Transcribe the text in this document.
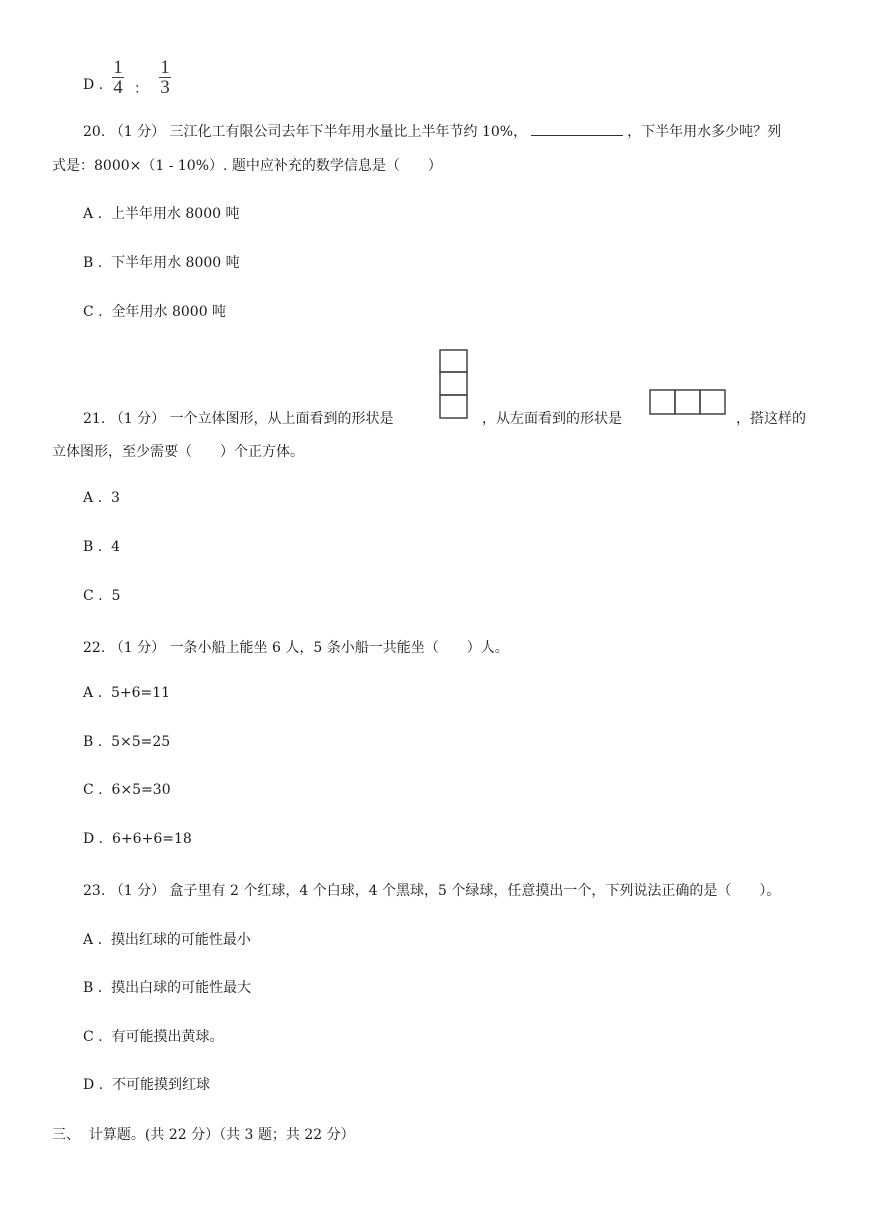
D .
1
4 ：
1
3
20. （1 分） 三江化工有限公司去年下半年用水量比上半年节约 10%，	，下半年用水多少吨？列
式是：8000×（1 - 10%）. 题中应补充的数学信息是（　　）
A .  上半年用水 8000 吨
B .  下半年用水 8000 吨
C .  全年用水 8000 吨
21. （1 分） 一个立体图形，从上面看到的形状是	，从左面看到的形状是	，搭这样的
立体图形，至少需要（　　）个正方体。
A .  3
B .  4
C .  5
22. （1 分） 一条小船上能坐 6 人，5 条小船一共能坐（　　）人。
A .  5+6=11
B .  5×5=25
C .  6×5=30
D .  6+6+6=18
23. （1 分） 盒子里有 2 个红球，4 个白球，4 个黑球，5 个绿球，任意摸出一个，下列说法正确的是（　　）。
A .  摸出红球的可能性最小
B .  摸出白球的可能性最大
C .  有可能摸出黄球。
D .  不可能摸到红球
三、 计算题。(共 22 分）（共 3 题；共 22 分）
